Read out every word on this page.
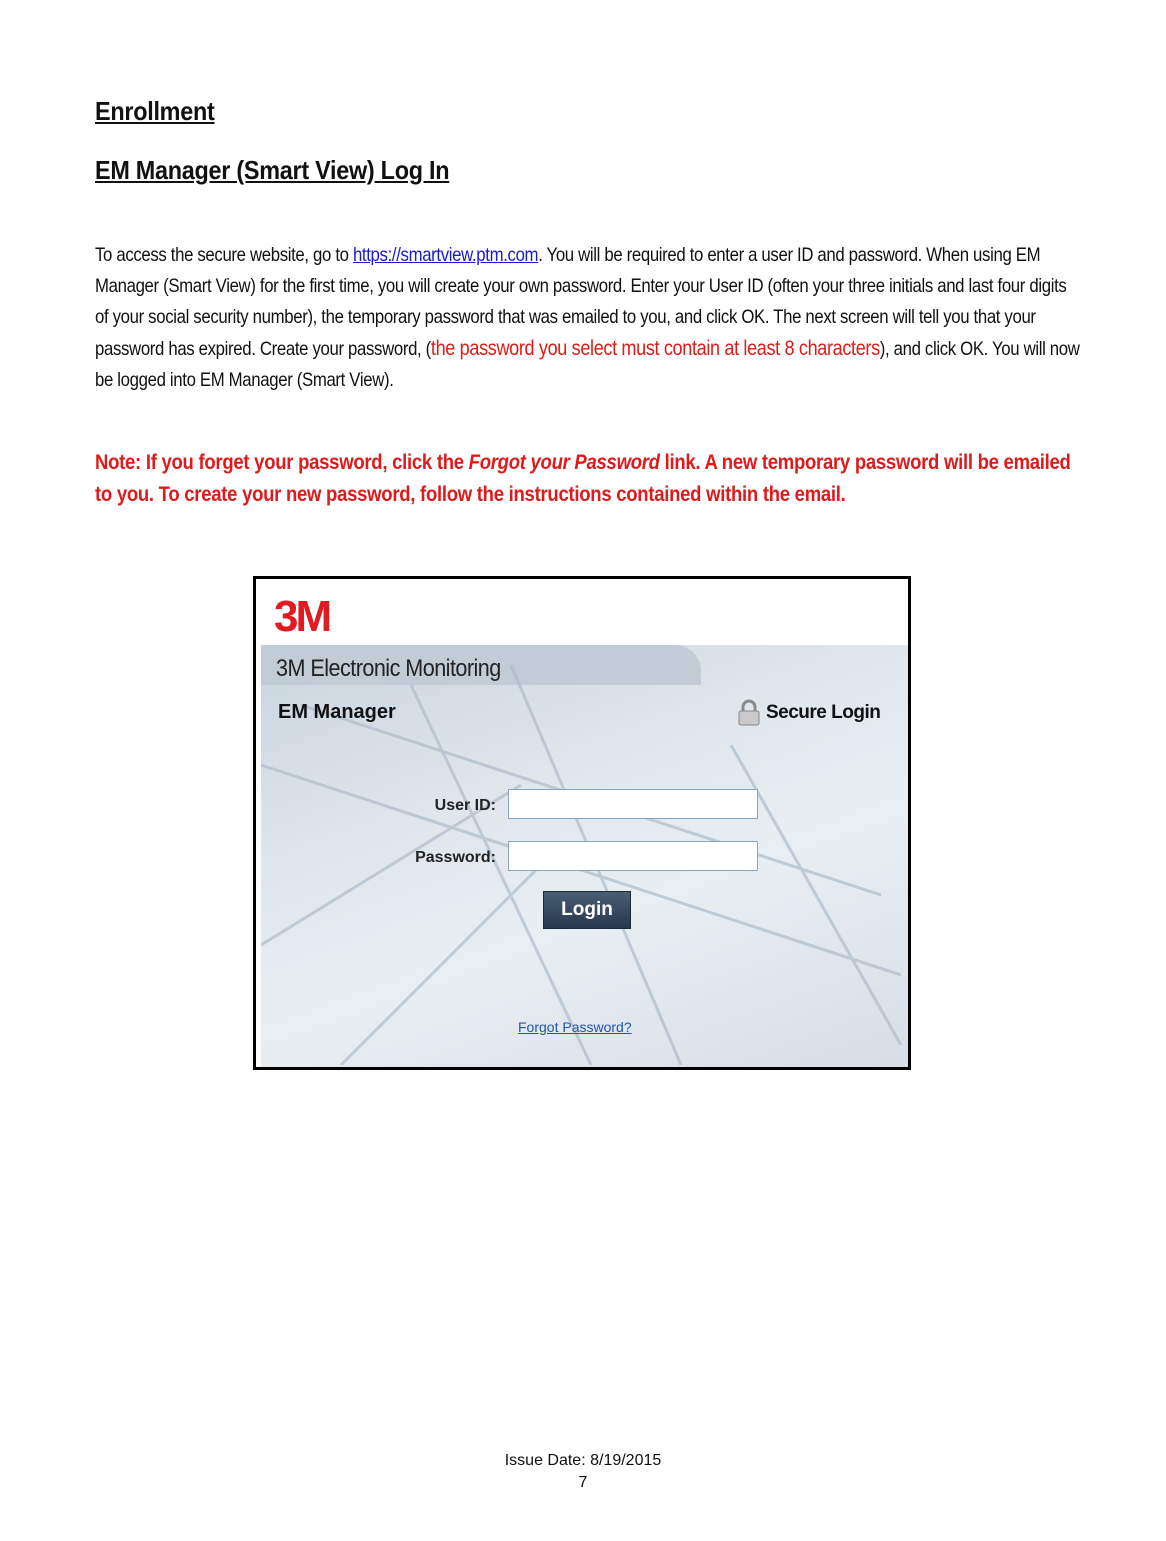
Enrollment
EM Manager (Smart View) Log In
To access the secure website, go to https://smartview.ptm.com. You will be required to enter a user ID and password. When using EM Manager (Smart View) for the first time, you will create your own password. Enter your User ID (often your three initials and last four digits of your social security number), the temporary password that was emailed to you, and click OK. The next screen will tell you that your password has expired. Create your password, (the password you select must contain at least 8 characters), and click OK. You will now be logged into EM Manager (Smart View).
Note: If you forget your password, click the Forgot your Password link. A new temporary password will be emailed to you. To create your new password, follow the instructions contained within the email.
3M
3M Electronic Monitoring
EM Manager	Secure Login
User ID:
Password:
Login
Forgot Password?
Issue Date: 8/19/2015
7
